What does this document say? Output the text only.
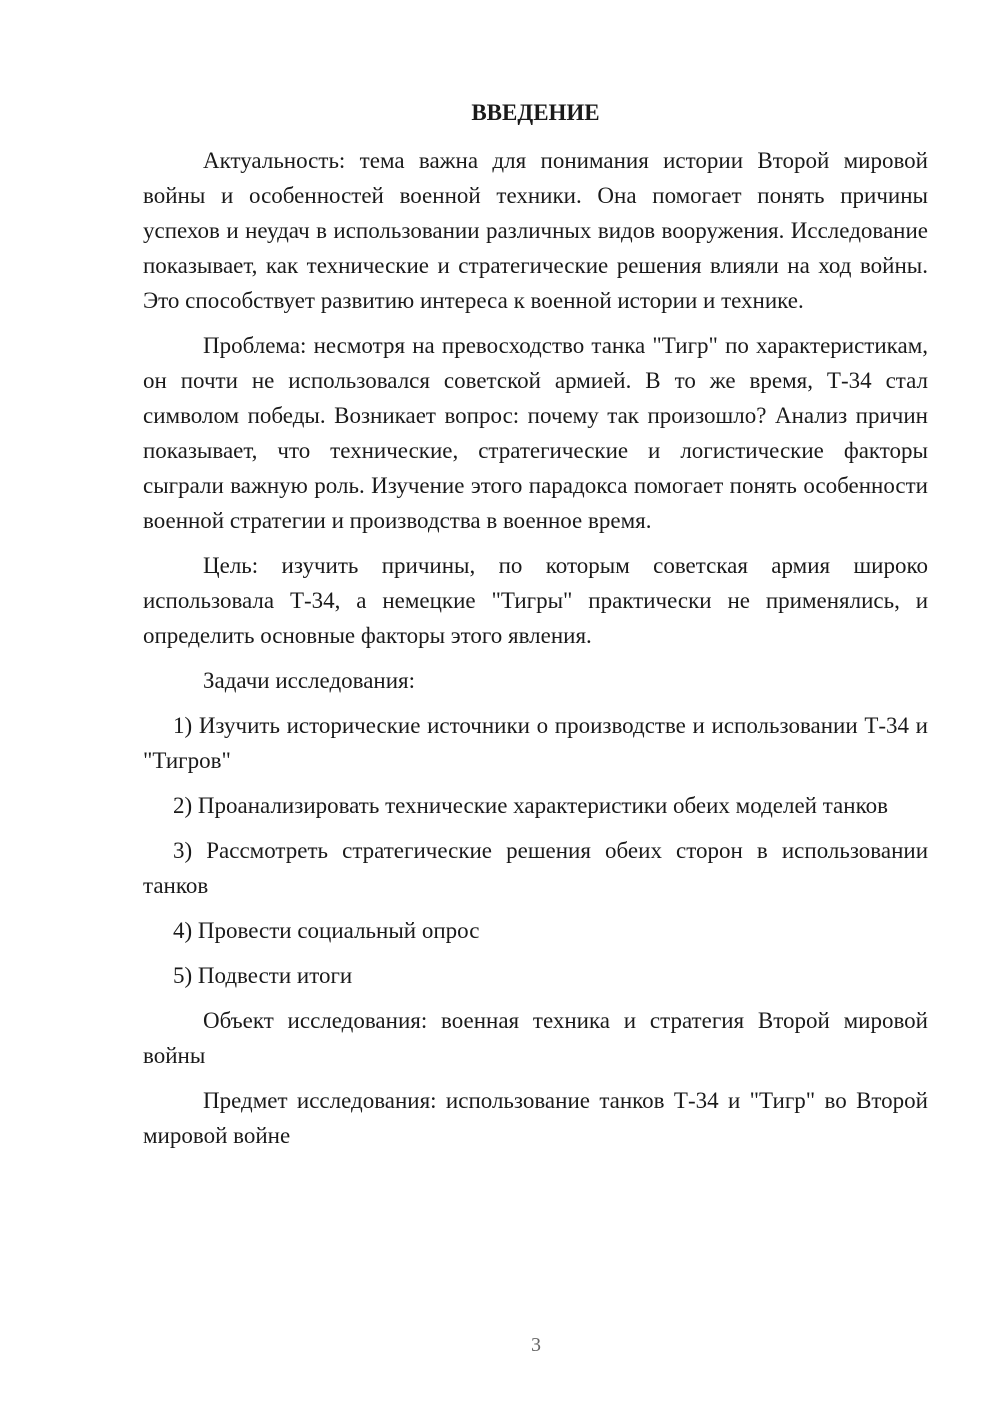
ВВЕДЕНИЕ

Актуальность: тема важна для понимания истории Второй мировой войны и особенностей военной техники. Она помогает понять причины успехов и неудач в использовании различных видов вооружения. Исследование показывает, как технические и стратегические решения влияли на ход войны. Это способствует развитию интереса к военной истории и технике.

Проблема: несмотря на превосходство танка "Тигр" по характеристикам, он почти не использовался советской армией. В то же время, Т-34 стал символом победы. Возникает вопрос: почему так произошло? Анализ причин показывает, что технические, стратегические и логистические факторы сыграли важную роль. Изучение этого парадокса помогает понять особенности военной стратегии и производства в военное время.

Цель: изучить причины, по которым советская армия широко использовала Т-34, а немецкие "Тигры" практически не применялись, и определить основные факторы этого явления.

Задачи исследования:

1) Изучить исторические источники о производстве и использовании Т-34 и "Тигров"

2) Проанализировать технические характеристики обеих моделей танков

3) Рассмотреть стратегические решения обеих сторон в использовании танков

4) Провести социальный опрос

5) Подвести итоги

Объект исследования: военная техника и стратегия Второй мировой войны

Предмет исследования: использование танков Т-34 и "Тигр" во Второй мировой войне

3
